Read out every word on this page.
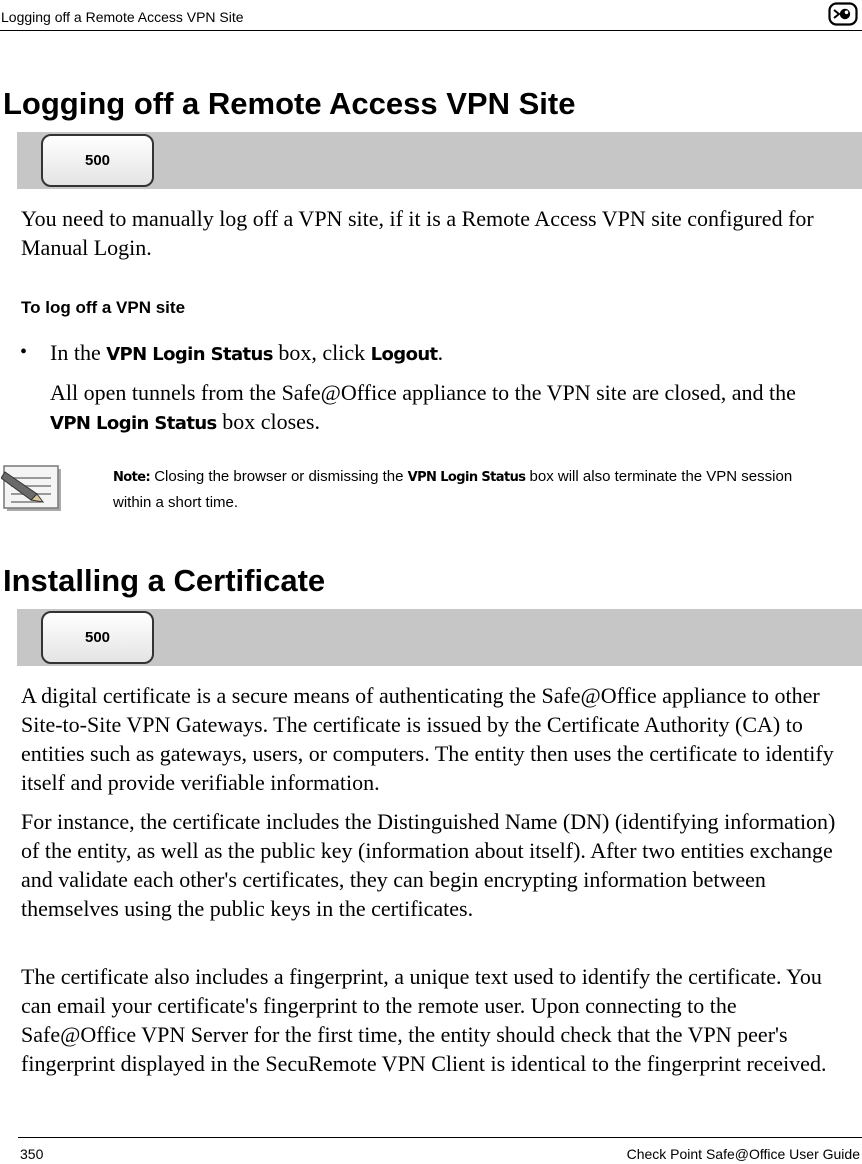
Logging off a Remote Access VPN Site
Logging off a Remote Access VPN Site
500

You need to manually log off a VPN site, if it is a Remote Access VPN site configured for Manual Login.

To log off a VPN site
• In the VPN Login Status box, click Logout.

All open tunnels from the Safe@Office appliance to the VPN site are closed, and the VPN Login Status box closes.

Note: Closing the browser or dismissing the VPN Login Status box will also terminate the VPN session within a short time.
Installing a Certificate
500

A digital certificate is a secure means of authenticating the Safe@Office appliance to other Site-to-Site VPN Gateways. The certificate is issued by the Certificate Authority (CA) to entities such as gateways, users, or computers. The entity then uses the certificate to identify itself and provide verifiable information.

For instance, the certificate includes the Distinguished Name (DN) (identifying information) of the entity, as well as the public key (information about itself). After two entities exchange and validate each other's certificates, they can begin encrypting information between themselves using the public keys in the certificates.

The certificate also includes a fingerprint, a unique text used to identify the certificate. You can email your certificate's fingerprint to the remote user. Upon connecting to the Safe@Office VPN Server for the first time, the entity should check that the VPN peer's fingerprint displayed in the SecuRemote VPN Client is identical to the fingerprint received.

350	Check Point Safe@Office User Guide
